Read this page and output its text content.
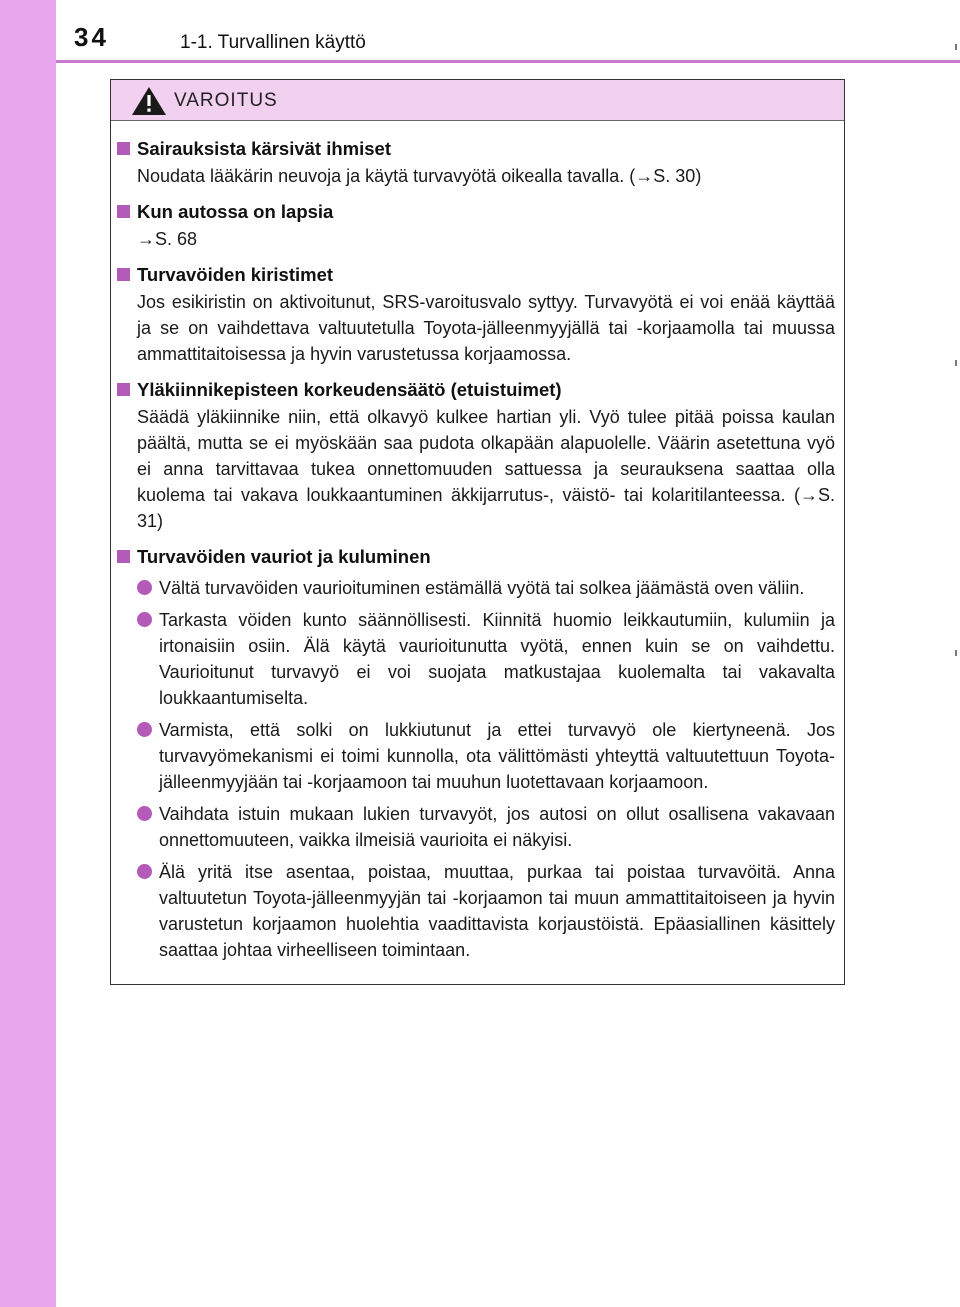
34	1-1. Turvallinen käyttö
VAROITUS
Sairauksista kärsivät ihmiset
Noudata lääkärin neuvoja ja käytä turvavyötä oikealla tavalla. (→S. 30)
Kun autossa on lapsia
→S. 68
Turvavöiden kiristimet
Jos esikiristin on aktivoitunut, SRS-varoitusvalo syttyy. Turvavyötä ei voi enää käyttää ja se on vaihdettava valtuutetulla Toyota-jälleenmyyjällä tai -korjaamolla tai muussa ammattitaitoisessa ja hyvin varustetussa korjaamossa.
Yläkiinnikepisteen korkeudensäätö (etuistuimet)
Säädä yläkiinnike niin, että olkavyö kulkee hartian yli. Vyö tulee pitää poissa kaulan päältä, mutta se ei myöskään saa pudota olkapään alapuolelle. Väärin asetettuna vyö ei anna tarvittavaa tukea onnettomuuden sattuessa ja seurauksena saattaa olla kuolema tai vakava loukkaantuminen äkkijarrutus-, väistö- tai kolaritilanteessa. (→S. 31)
Turvavöiden vauriot ja kuluminen
Vältä turvavöiden vaurioituminen estämällä vyötä tai solkea jäämästä oven väliin.
Tarkasta vöiden kunto säännöllisesti. Kiinnitä huomio leikkautumiin, kulumiin ja irtonaisiin osiin. Älä käytä vaurioitunutta vyötä, ennen kuin se on vaihdettu. Vaurioitunut turvavyö ei voi suojata matkustajaa kuolemalta tai vakavalta loukkaantumiselta.
Varmista, että solki on lukkiutunut ja ettei turvavyö ole kiertyneenä. Jos turvavyömekanismi ei toimi kunnolla, ota välittömästi yhteyttä valtuutettuun Toyota-jälleenmyyjään tai -korjaamoon tai muuhun luotettavaan korjaamoon.
Vaihdata istuin mukaan lukien turvavyöt, jos autosi on ollut osallisena vakavaan onnettomuuteen, vaikka ilmeisiä vaurioita ei näkyisi.
Älä yritä itse asentaa, poistaa, muuttaa, purkaa tai poistaa turvavöitä. Anna valtuutetun Toyota-jälleenmyyjän tai -korjaamon tai muun ammattitaitoiseen ja hyvin varustetun korjaamon huolehtia vaadittavista korjaustöistä. Epäasiallinen käsittely saattaa johtaa virheelliseen toimintaan.
